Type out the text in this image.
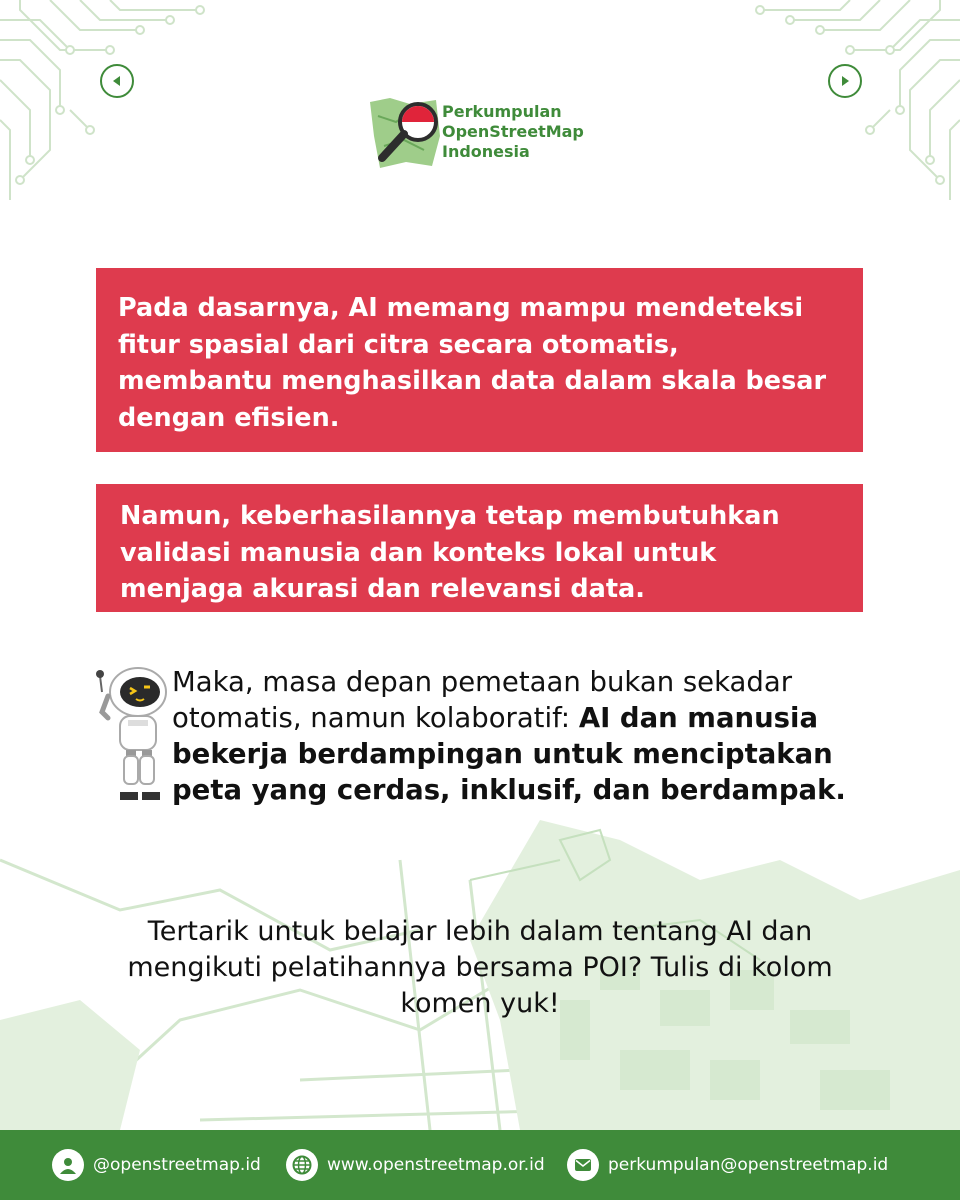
Perkumpulan
OpenStreetMap
Indonesia
Pada dasarnya, AI memang mampu mendeteksi fitur spasial dari citra secara otomatis, membantu menghasilkan data dalam skala besar dengan efisien.
Namun, keberhasilannya tetap membutuhkan validasi manusia dan konteks lokal untuk menjaga akurasi dan relevansi data.
Maka, masa depan pemetaan bukan sekadar otomatis, namun kolaboratif: AI dan manusia bekerja berdampingan untuk menciptakan peta yang cerdas, inklusif, dan berdampak.
Tertarik untuk belajar lebih dalam tentang AI dan mengikuti pelatihannya bersama POI? Tulis di kolom komen yuk!
@openstreetmap.id	www.openstreetmap.or.id	perkumpulan@openstreetmap.id
